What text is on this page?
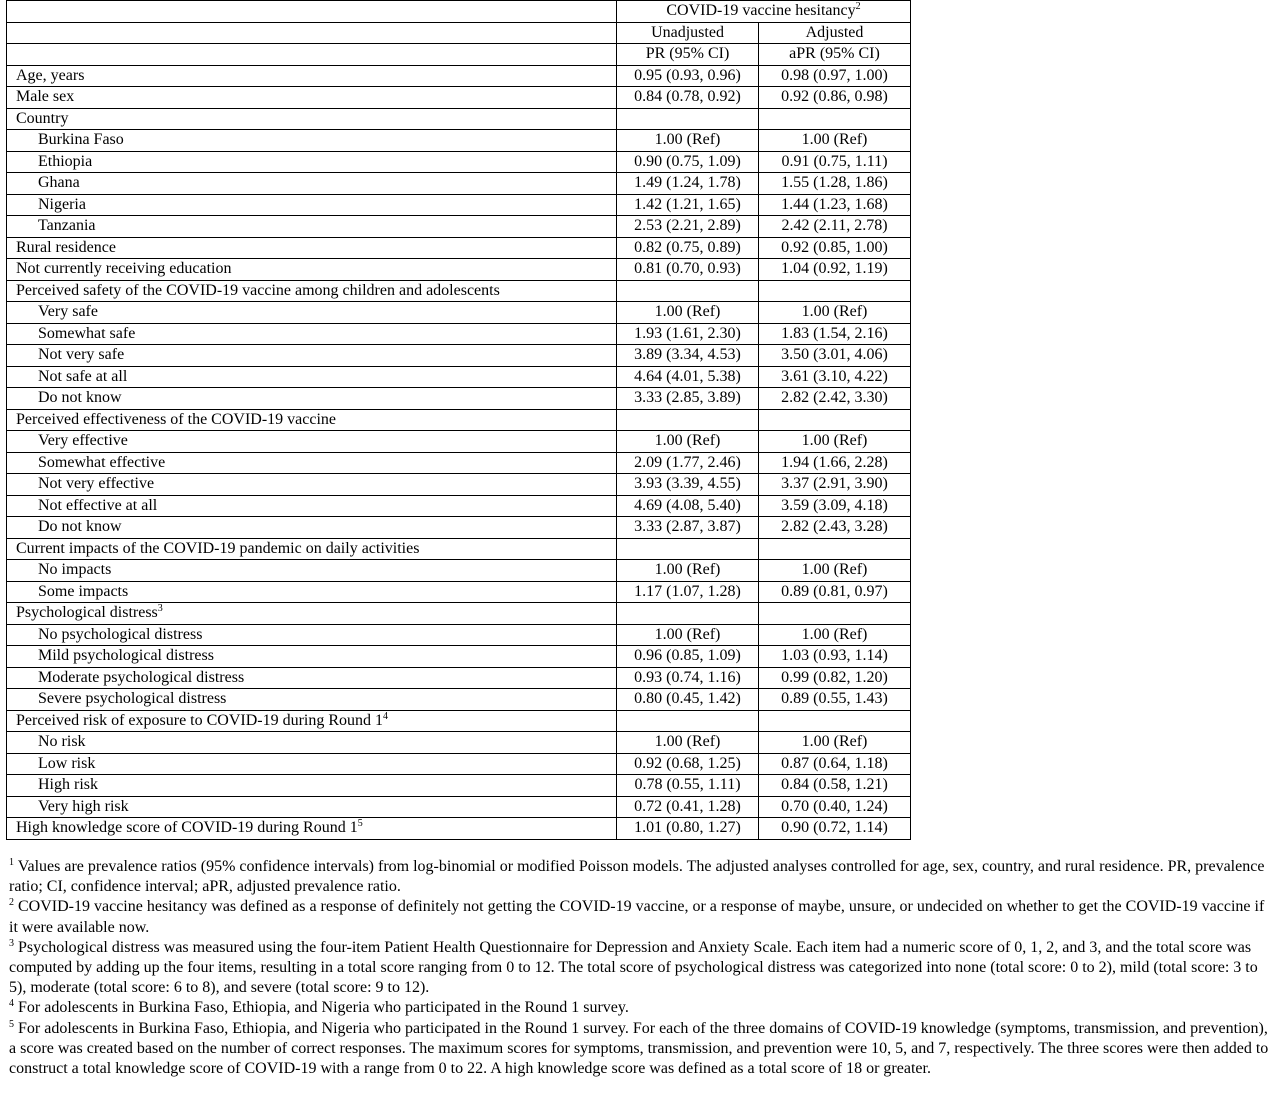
	COVID-19 vaccine hesitancy$^2$
	Unadjusted	Adjusted
	PR (95% CI)	aPR (95% CI)
Age, years	0.95 (0.93, 0.96)	0.98 (0.97, 1.00)
Male sex	0.84 (0.78, 0.92)	0.92 (0.86, 0.98)
Country		
Burkina Faso	1.00 (Ref)	1.00 (Ref)
Ethiopia	0.90 (0.75, 1.09)	0.91 (0.75, 1.11)
Ghana	1.49 (1.24, 1.78)	1.55 (1.28, 1.86)
Nigeria	1.42 (1.21, 1.65)	1.44 (1.23, 1.68)
Tanzania	2.53 (2.21, 2.89)	2.42 (2.11, 2.78)
Rural residence	0.82 (0.75, 0.89)	0.92 (0.85, 1.00)
Not currently receiving education	0.81 (0.70, 0.93)	1.04 (0.92, 1.19)
Perceived safety of the COVID-19 vaccine among children and adolescents		
Very safe	1.00 (Ref)	1.00 (Ref)
Somewhat safe	1.93 (1.61, 2.30)	1.83 (1.54, 2.16)
Not very safe	3.89 (3.34, 4.53)	3.50 (3.01, 4.06)
Not safe at all	4.64 (4.01, 5.38)	3.61 (3.10, 4.22)
Do not know	3.33 (2.85, 3.89)	2.82 (2.42, 3.30)
Perceived effectiveness of the COVID-19 vaccine		
Very effective	1.00 (Ref)	1.00 (Ref)
Somewhat effective	2.09 (1.77, 2.46)	1.94 (1.66, 2.28)
Not very effective	3.93 (3.39, 4.55)	3.37 (2.91, 3.90)
Not effective at all	4.69 (4.08, 5.40)	3.59 (3.09, 4.18)
Do not know	3.33 (2.87, 3.87)	2.82 (2.43, 3.28)
Current impacts of the COVID-19 pandemic on daily activities		
No impacts	1.00 (Ref)	1.00 (Ref)
Some impacts	1.17 (1.07, 1.28)	0.89 (0.81, 0.97)
Psychological distress$^3$		
No psychological distress	1.00 (Ref)	1.00 (Ref)
Mild psychological distress	0.96 (0.85, 1.09)	1.03 (0.93, 1.14)
Moderate psychological distress	0.93 (0.74, 1.16)	0.99 (0.82, 1.20)
Severe psychological distress	0.80 (0.45, 1.42)	0.89 (0.55, 1.43)
Perceived risk of exposure to COVID-19 during Round $1^4$		
No risk	1.00 (Ref)	1.00 (Ref)
Low risk	0.92 (0.68, 1.25)	0.87 (0.64, 1.18)
High risk	0.78 (0.55, 1.11)	0.84 (0.58, 1.21)
Very high risk	0.72 (0.41, 1.28)	0.70 (0.40, 1.24)
High knowledge score of COVID-19 during Round $1^5$	1.01 (0.80, 1.27)	0.90 (0.72, 1.14)

$^1$ Values are prevalence ratios (95% confidence intervals) from log-binomial or modified Poisson models. The adjusted analyses controlled for age, sex, country, and rural residence. PR, prevalence ratio; CI, confidence interval; aPR, adjusted prevalence ratio.

$^2$ COVID-19 vaccine hesitancy was defined as a response of definitely not getting the COVID-19 vaccine, or a response of maybe, unsure, or undecided on whether to get the COVID-19 vaccine if it were available now.

$^3$ Psychological distress was measured using the four-item Patient Health Questionnaire for Depression and Anxiety Scale. Each item had a numeric score of 0, 1, 2, and 3, and the total score was computed by adding up the four items, resulting in a total score ranging from 0 to 12. The total score of psychological distress was categorized into none (total score: 0 to 2), mild (total score: 3 to 5), moderate (total score: 6 to 8), and severe (total score: 9 to 12).

$^4$ For adolescents in Burkina Faso, Ethiopia, and Nigeria who participated in the Round 1 survey.

$^5$ For adolescents in Burkina Faso, Ethiopia, and Nigeria who participated in the Round 1 survey. For each of the three domains of COVID-19 knowledge (symptoms, transmission, and prevention), a score was created based on the number of correct responses. The maximum scores for symptoms, transmission, and prevention were 10, 5, and 7, respectively. The three scores were then added to construct a total knowledge score of COVID-19 with a range from 0 to 22. A high knowledge score was defined as a total score of 18 or greater.
